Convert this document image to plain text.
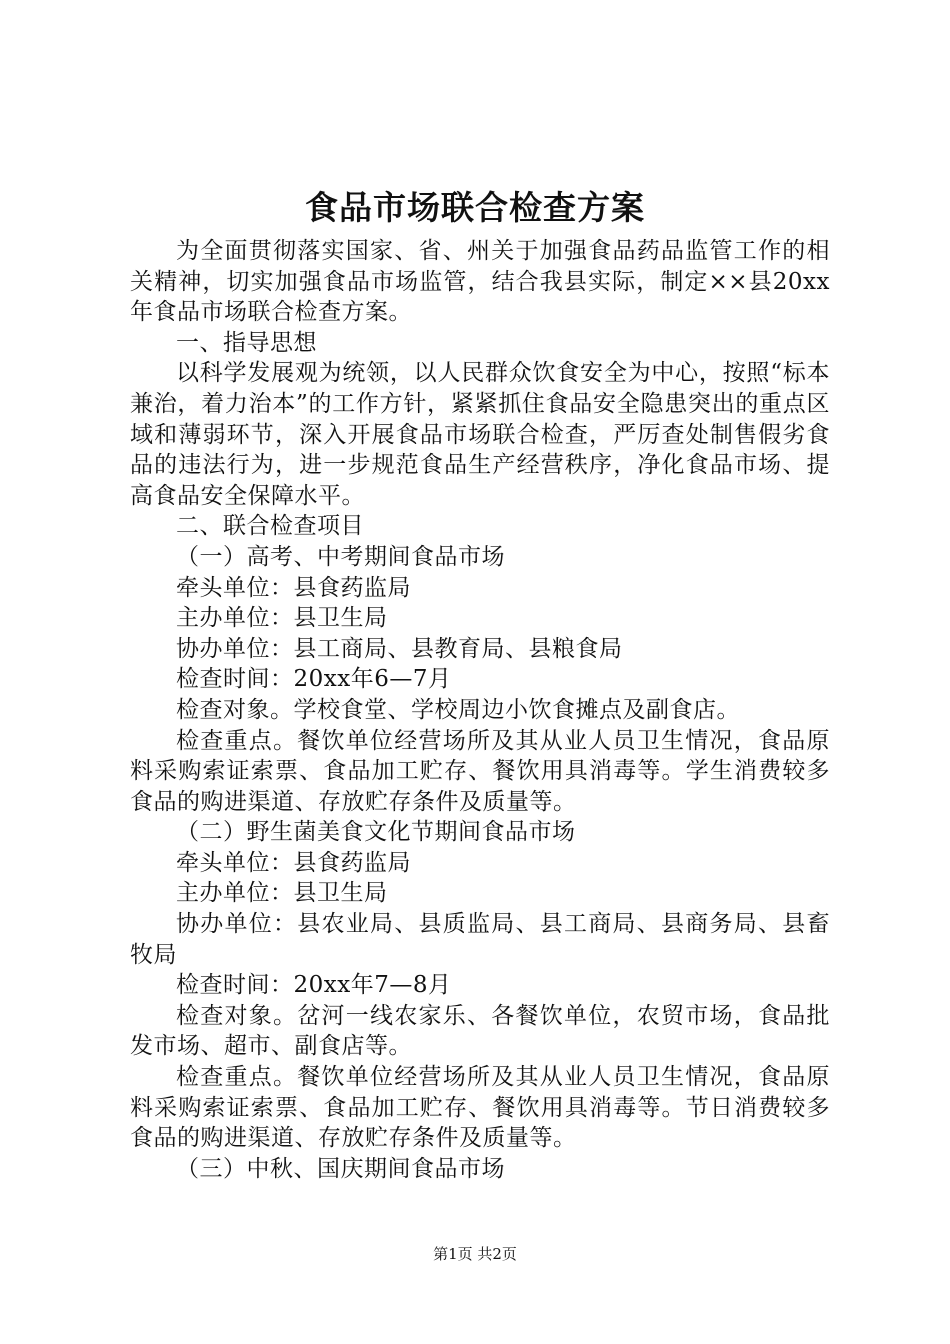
食品市场联合检查方案

为全面贯彻落实国家、省、州关于加强食品药品监管工作的相关精神，切实加强食品市场监管，结合我县实际，制定××县20xx年食品市场联合检查方案。

一、指导思想

以科学发展观为统领，以人民群众饮食安全为中心，按照“标本兼治，着力治本”的工作方针，紧紧抓住食品安全隐患突出的重点区域和薄弱环节，深入开展食品市场联合检查，严厉查处制售假劣食品的违法行为，进一步规范食品生产经营秩序，净化食品市场、提高食品安全保障水平。

二、联合检查项目

（一）高考、中考期间食品市场

牵头单位：县食药监局

主办单位：县卫生局

协办单位：县工商局、县教育局、县粮食局

检查时间：20xx年6—7月

检查对象。学校食堂、学校周边小饮食摊点及副食店。

检查重点。餐饮单位经营场所及其从业人员卫生情况，食品原料采购索证索票、食品加工贮存、餐饮用具消毒等。学生消费较多食品的购进渠道、存放贮存条件及质量等。

（二）野生菌美食文化节期间食品市场

牵头单位：县食药监局

主办单位：县卫生局

协办单位：县农业局、县质监局、县工商局、县商务局、县畜牧局

检查时间：20xx年7—8月

检查对象。岔河一线农家乐、各餐饮单位，农贸市场，食品批发市场、超市、副食店等。

检查重点。餐饮单位经营场所及其从业人员卫生情况，食品原料采购索证索票、食品加工贮存、餐饮用具消毒等。节日消费较多食品的购进渠道、存放贮存条件及质量等。

（三）中秋、国庆期间食品市场

第1页 共2页
